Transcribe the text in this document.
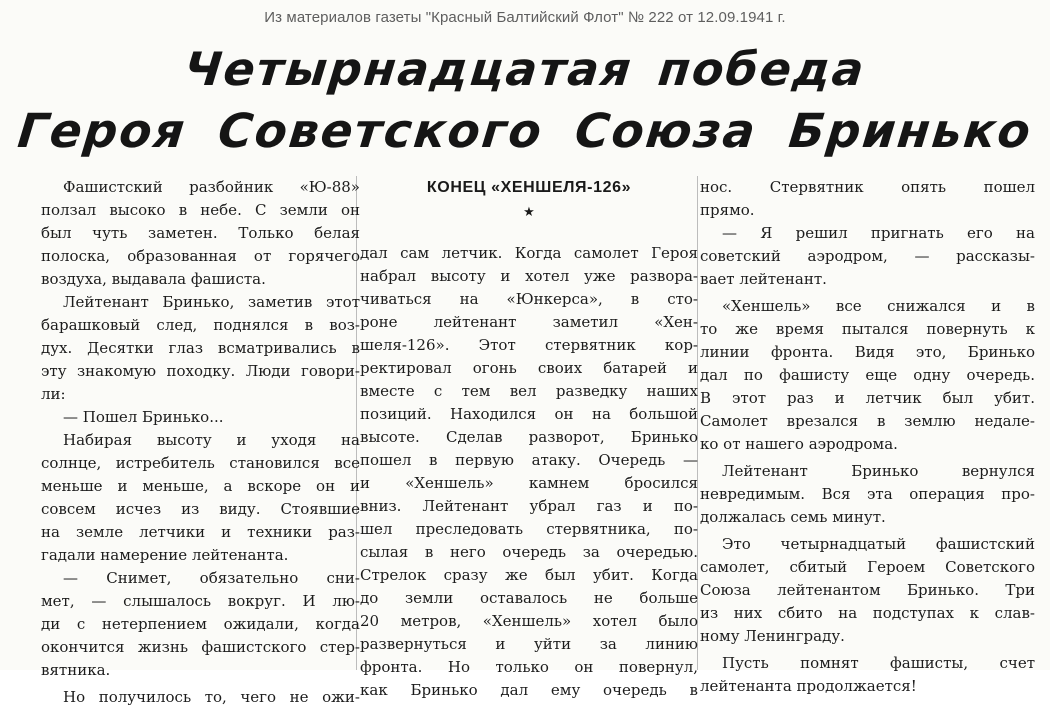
Из материалов газеты "Красный Балтийский Флот" № 222 от 12.09.1941 г.
Четырнадцатая победа
Героя Советского Союза Бринько
Фашистский разбойник «Ю-88»
ползал высоко в небе. С земли он
был чуть заметен. Только белая
полоска, образованная от горячего
воздуха, выдавала фашиста.
Лейтенант Бринько, заметив этот
барашковый след, поднялся в воз-
дух. Десятки глаз всматривались в
эту знакомую походку. Люди говори-
ли:
— Пошел Бринько...
Набирая высоту и уходя на
солнце, истребитель становился все
меньше и меньше, а вскоре он и
совсем исчез из виду. Стоявшие
на земле летчики и техники раз-
гадали намерение лейтенанта.
— Снимет, обязательно сни-
мет, — слышалось вокруг. И лю-
ди с нетерпением ожидали, когда
окончится жизнь фашистского стер-
вятника.
Но получилось то, чего не ожи-
КОНЕЦ «ХЕНШЕЛЯ-126»
★
дал сам летчик. Когда самолет Героя
набрал высоту и хотел уже развора-
чиваться на «Юнкерса», в сто-
роне лейтенант заметил «Хен-
шеля-126». Этот стервятник кор-
ректировал огонь своих батарей и
вместе с тем вел разведку наших
позиций. Находился он на большой
высоте. Сделав разворот, Бринько
пошел в первую атаку. Очередь —
и «Хеншель» камнем бросился
вниз. Лейтенант убрал газ и по-
шел преследовать стервятника, по-
сылая в него очередь за очередью.
Стрелок сразу же был убит. Когда
до земли оставалось не больше
20 метров, «Хеншель» хотел было
развернуться и уйти за линию
фронта. Но только он повернул,
как Бринько дал ему очередь в
нос. Стервятник опять пошел
прямо.
— Я решил пригнать его на
советский аэродром, — рассказы-
вает лейтенант.
«Хеншель» все снижался и в
то же время пытался повернуть к
линии фронта. Видя это, Бринько
дал по фашисту еще одну очередь.
В этот раз и летчик был убит.
Самолет врезался в землю недале-
ко от нашего аэродрома.
Лейтенант Бринько вернулся
невредимым. Вся эта операция про-
должалась семь минут.
Это четырнадцатый фашистский
самолет, сбитый Героем Советского
Союза лейтенантом Бринько. Три
из них сбито на подступах к слав-
ному Ленинграду.
Пусть помнят фашисты, счет
лейтенанта продолжается!
